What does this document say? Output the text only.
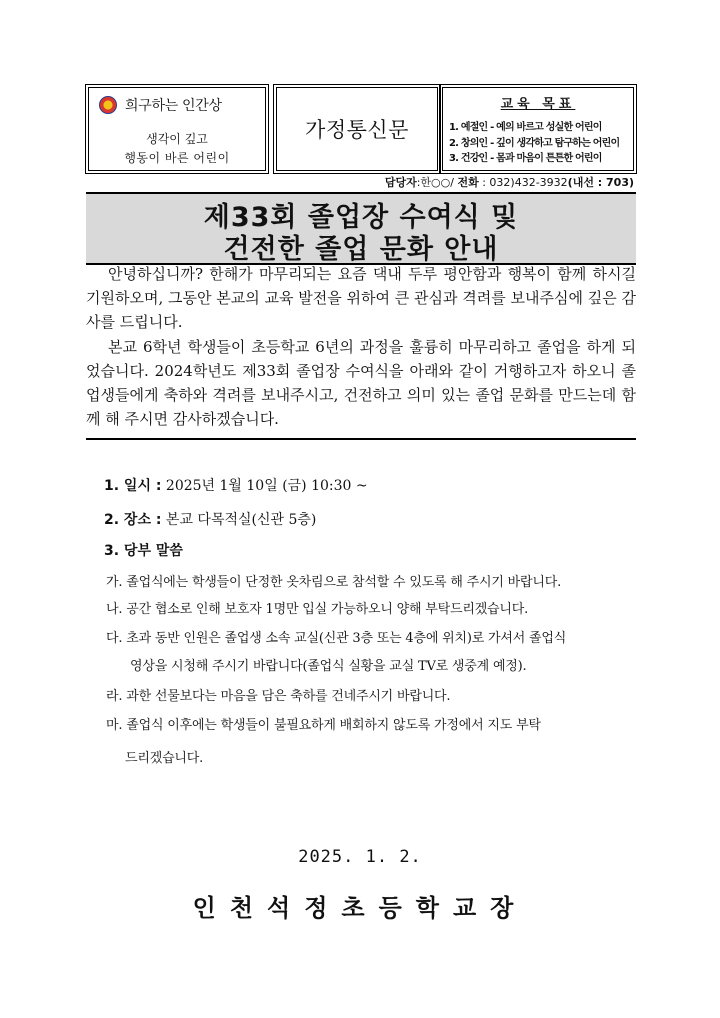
희구하는 인간상
생각이 깊고
행동이 바른 어린이
가정통신문
교육 목표
1. 예절인 - 예의 바르고 성실한 어린이
2. 창의인 - 깊이 생각하고 탐구하는 어린이
3. 건강인 - 몸과 마음이 튼튼한 어린이
담당자:한○○/ 전화 : 032)432-3932(내선 : 703)
제33회 졸업장 수여식 및
건전한 졸업 문화 안내

안녕하십니까? 한해가 마무리되는 요즘 댁내 두루 평안함과 행복이 함께 하시길 기원하오며, 그동안 본교의 교육 발전을 위하여 큰 관심과 격려를 보내주심에 깊은 감사를 드립니다.

본교 6학년 학생들이 초등학교 6년의 과정을 훌륭히 마무리하고 졸업을 하게 되었습니다. 2024학년도 제33회 졸업장 수여식을 아래와 같이 거행하고자 하오니 졸업생들에게 축하와 격려를 보내주시고, 건전하고 의미 있는 졸업 문화를 만드는데 함께 해 주시면 감사하겠습니다.

1. 일시 : 2025년 1월 10일 (금) 10:30 ~
2. 장소 : 본교 다목적실(신관 5층)
3. 당부 말씀
가. 졸업식에는 학생들이 단정한 옷차림으로 참석할 수 있도록 해 주시기 바랍니다.
나. 공간 협소로 인해 보호자 1명만 입실 가능하오니 양해 부탁드리겠습니다.
다. 초과 동반 인원은 졸업생 소속 교실(신관 3층 또는 4층에 위치)로 가셔서 졸업식
영상을 시청해 주시기 바랍니다(졸업식 실황을 교실 TV로 생중계 예정).
라. 과한 선물보다는 마음을 담은 축하를 건네주시기 바랍니다.
마. 졸업식 이후에는 학생들이 불필요하게 배회하지 않도록 가정에서 지도 부탁
드리겠습니다.
2025. 1. 2.
인천석정초등학교장
